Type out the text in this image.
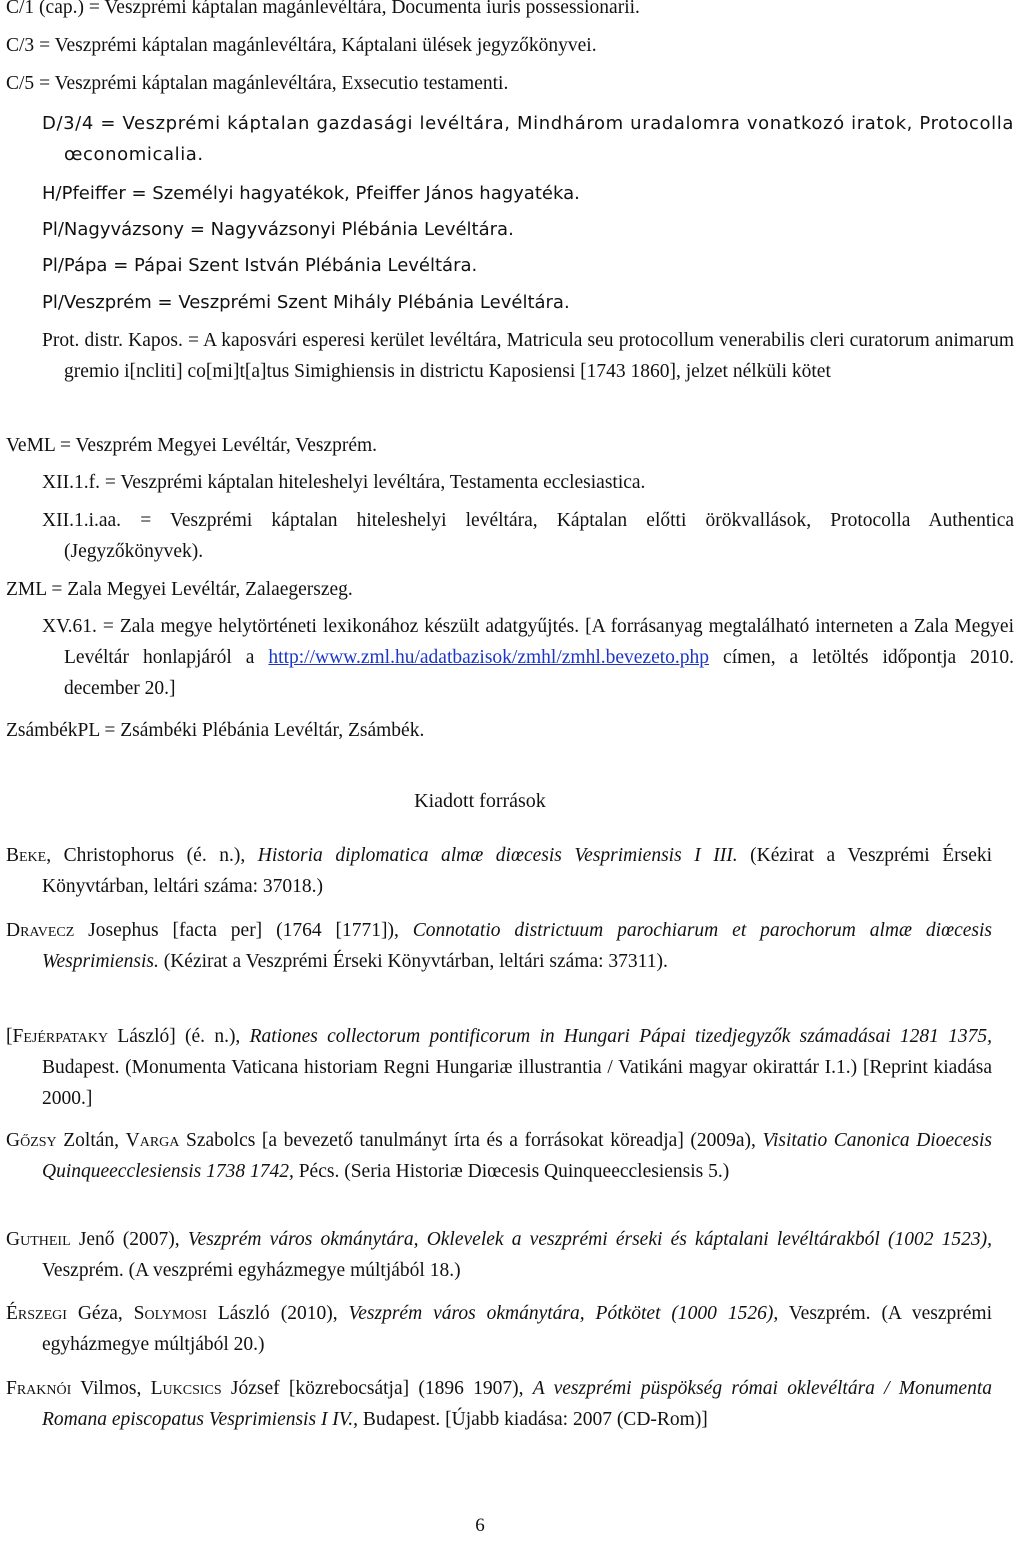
C/1 (cap.) = Veszprémi káptalan magánlevéltára, Documenta iuris possessionarii.

C/3 = Veszprémi káptalan magánlevéltára, Káptalani ülések jegyzőkönyvei.

C/5 = Veszprémi káptalan magánlevéltára, Exsecutio testamenti.

D/3/4 = Veszprémi káptalan gazdasági levéltára, Mindhárom uradalomra vonatkozó iratok, Protocolla œconomicalia.

H/Pfeiffer = Személyi hagyatékok, Pfeiffer János hagyatéka.

Pl/Nagyvázsony = Nagyvázsonyi Plébánia Levéltára.

Pl/Pápa = Pápai Szent István Plébánia Levéltára.

Pl/Veszprém = Veszprémi Szent Mihály Plébánia Levéltára.

Prot. distr. Kapos. = A kaposvári esperesi kerület levéltára, Matricula seu protocollum venerabilis cleri curatorum animarum gremio i[ncliti] co[mi]t[a]tus Simighiensis in districtu Kaposiensi [1743 1860], jelzet nélküli kötet

VeML = Veszprém Megyei Levéltár, Veszprém.

XII.1.f. = Veszprémi káptalan hiteleshelyi levéltára, Testamenta ecclesiastica.

XII.1.i.aa. = Veszprémi káptalan hiteleshelyi levéltára, Káptalan előtti örökvallások, Protocolla Authentica (Jegyzőkönyvek).

ZML = Zala Megyei Levéltár, Zalaegerszeg.

XV.61. = Zala megye helytörténeti lexikonához készült adatgyűjtés. [A forrásanyag megtalálható interneten a Zala Megyei Levéltár honlapjáról a http://www.zml.hu/adatbazisok/zmhl/zmhl.bevezeto.php címen, a letöltés időpontja 2010. december 20.]

ZsámbékPL = Zsámbéki Plébánia Levéltár, Zsámbék.

Kiadott források

Beke, Christophorus (é. n.), Historia diplomatica almæ diœcesis Vesprimiensis I III. (Kézirat a Veszprémi Érseki Könyvtárban, leltári száma: 37018.)

Dravecz Josephus [facta per] (1764 [1771]), Connotatio districtuum parochiarum et parochorum almæ diœcesis Wesprimiensis. (Kézirat a Veszprémi Érseki Könyvtárban, leltári száma: 37311).

[Fejérpataky László] (é. n.), Rationes collectorum pontificorum in Hungari Pápai tizedjegyzők számadásai 1281 1375, Budapest. (Monumenta Vaticana historiam Regni Hungariæ illustrantia / Vatikáni magyar okirattár I.1.) [Reprint kiadása 2000.]

Gőzsy Zoltán, Varga Szabolcs [a bevezető tanulmányt írta és a forrásokat köreadja] (2009a), Visitatio Canonica Dioecesis Quinqueecclesiensis 1738 1742, Pécs. (Seria Historiæ Diœcesis Quinqueecclesiensis 5.)

Gutheil Jenő (2007), Veszprém város okmánytára, Oklevelek a veszprémi érseki és káptalani levéltárakból (1002 1523), Veszprém. (A veszprémi egyházmegye múltjából 18.)

Érszegi Géza, Solymosi László (2010), Veszprém város okmánytára, Pótkötet (1000 1526), Veszprém. (A veszprémi egyházmegye múltjából 20.)

Fraknói Vilmos, Lukcsics József [közrebocsátja] (1896 1907), A veszprémi püspökség római oklevéltára / Monumenta Romana episcopatus Vesprimiensis I IV., Budapest. [Újabb kiadása: 2007 (CD-Rom)]

6
